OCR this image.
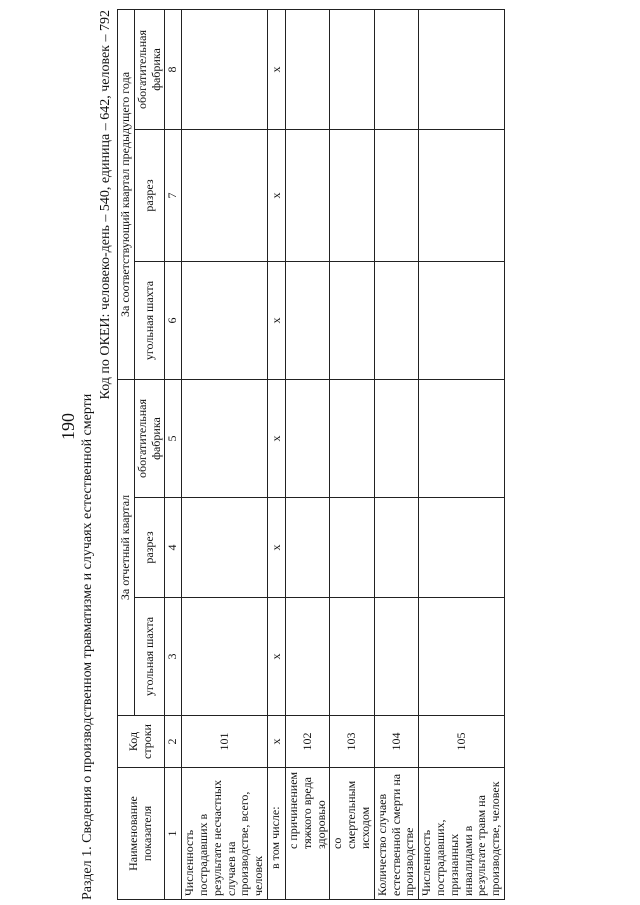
190 Раздел 1. Сведения о производственном травматизме и случаях естественной смерти
Код по ОКЕИ: человеко-день – 540, единица – 642, человек – 792
Наименование показателя	Код строки	За отчетный квартал			За соответствующий квартал предыдущего года		
		угольная шахта	разрез	обогатительная фабрика	угольная шахта	разрез	обогатительная фабрика
1	2	3	4	5	6	7	8
Численность пострадавших в результате несчастных случаев на производстве, всего, человек	101						
в том числе:	x	x	x	x	x	x	x
с причинением тяжкого вреда здоровью	102						
со смертельным исходом	103						
Количество случаев естественной смерти на производстве	104						
Численность пострадавших, признанных инвалидами в результате травм на производстве, человек	105						
